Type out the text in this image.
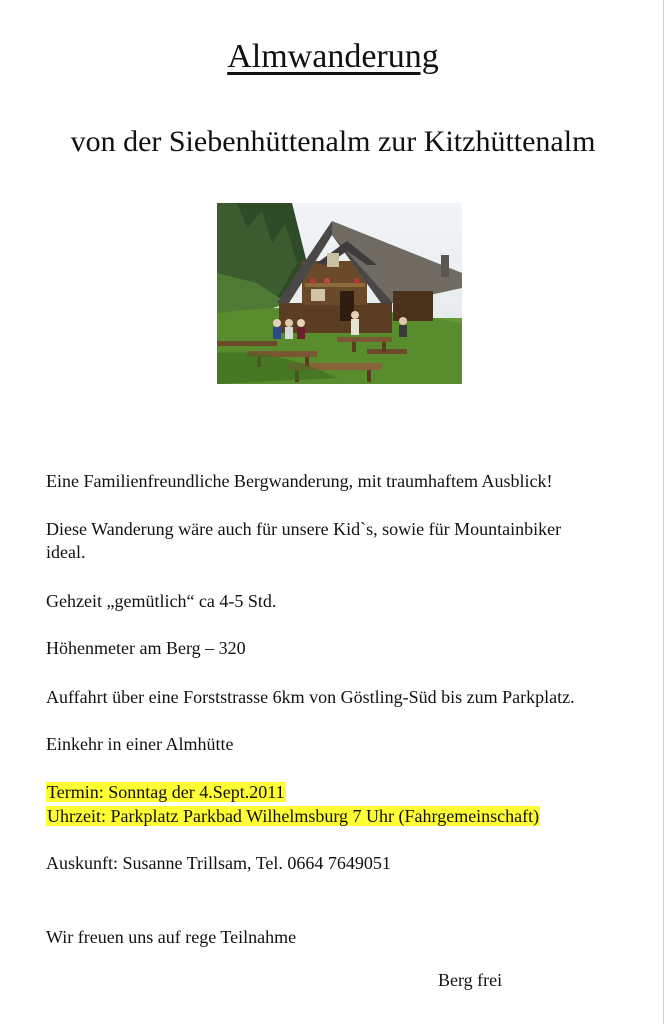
Almwanderung
von der Siebenhüttenalm zur Kitzhüttenalm
Eine Familienfreundliche Bergwanderung, mit traumhaftem Ausblick!
Diese Wanderung wäre auch für unsere Kid`s, sowie für Mountainbiker
ideal.
Gehzeit „gemütlich“ ca 4-5 Std.
Höhenmeter am Berg – 320
Auffahrt über eine Forststrasse 6km von Göstling-Süd bis zum Parkplatz.
Einkehr in einer Almhütte
Termin: Sonntag der 4.Sept.2011
Uhrzeit: Parkplatz Parkbad Wilhelmsburg 7 Uhr (Fahrgemeinschaft)
Auskunft: Susanne Trillsam, Tel. 0664 7649051
Wir freuen uns auf rege Teilnahme
Berg frei
